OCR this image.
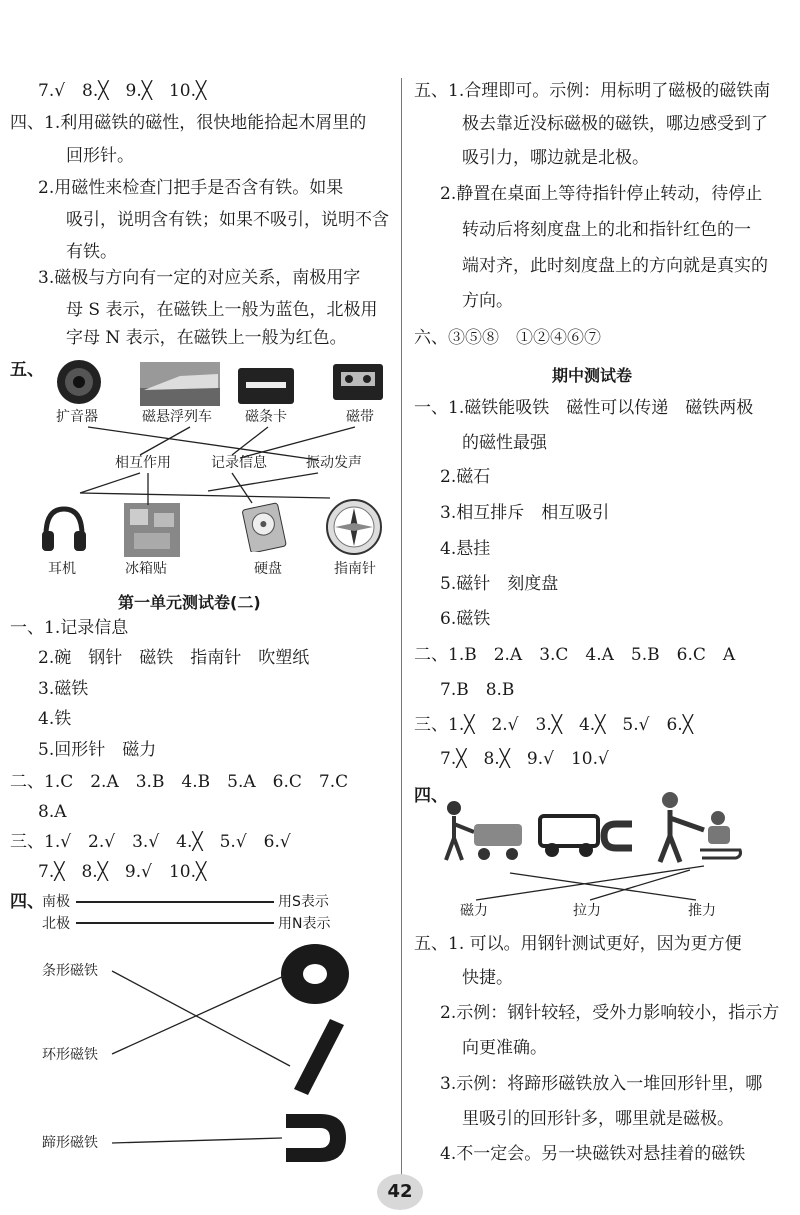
7.√　8.╳　9.╳　10.╳
四、1.利用磁铁的磁性，很快地能拾起木屑里的
回形针。
2.用磁性来检查门把手是否含有铁。如果
吸引，说明含有铁；如果不吸引，说明不含
有铁。
3.磁极与方向有一定的对应关系，南极用字
母 S 表示，在磁铁上一般为蓝色，北极用
字母 N 表示，在磁铁上一般为红色。
五、
扩音器	磁悬浮列车 磁条卡	磁带
相互作用	记录信息	振动发声
耳机	冰箱贴	硬盘	指南针
第一单元测试卷(二)
一、1.记录信息
2.碗　钢针　磁铁　指南针　吹塑纸
3.磁铁
4.铁
5.回形针　磁力
二、1.C　2.A　3.B　4.B　5.A　6.C　7.C
8.A
三、1.√　2.√　3.√　4.╳　5.√　6.√
7.╳　8.╳　9.√　10.╳
四、
南极
北极
用S表示
用N表示
条形磁铁
环形磁铁
蹄形磁铁
五、1.合理即可。示例：用标明了磁极的磁铁南
极去靠近没标磁极的磁铁，哪边感受到了
吸引力，哪边就是北极。
2.静置在桌面上等待指针停止转动，待停止
转动后将刻度盘上的北和指针红色的一
端对齐，此时刻度盘上的方向就是真实的
方向。
六、③⑤⑧　①②④⑥⑦
期中测试卷
一、1.磁铁能吸铁　磁性可以传递　磁铁两极
的磁性最强
2.磁石
3.相互排斥　相互吸引
4.悬挂
5.磁针　刻度盘
6.磁铁
二、1.B　2.A　3.C　4.A　5.B　6.C　A
7.B　8.B
三、1.╳　2.√　3.╳　4.╳　5.√　6.╳
7.╳　8.╳　9.√　10.√
四、
磁力	拉力	推力
五、1. 可以。用钢针测试更好，因为更方便
快捷。
2.示例：钢针较轻，受外力影响较小，指示方
向更准确。
3.示例：将蹄形磁铁放入一堆回形针里，哪
里吸引的回形针多，哪里就是磁极。
4.不一定会。另一块磁铁对悬挂着的磁铁
42
